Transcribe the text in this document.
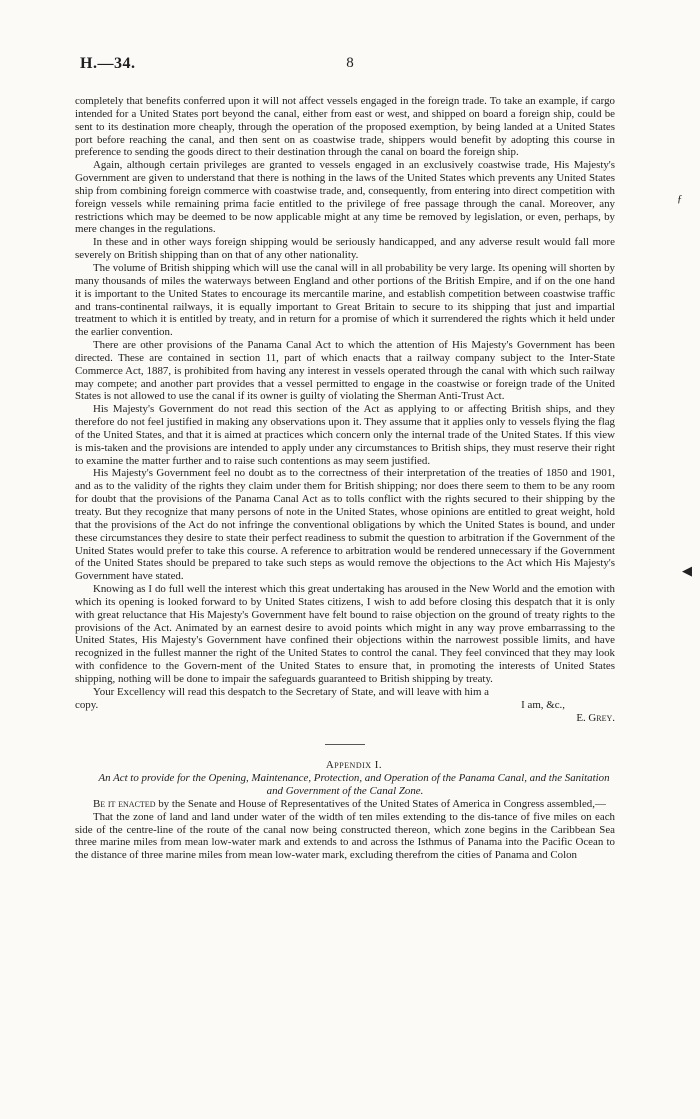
H.—34.	8
ƒ
◀

completely that benefits conferred upon it will not affect vessels engaged in the foreign trade. To take an example, if cargo intended for a United States port beyond the canal, either from east or west, and shipped on board a foreign ship, could be sent to its destination more cheaply, through the operation of the proposed exemption, by being landed at a United States port before reaching the canal, and then sent on as coastwise trade, shippers would benefit by adopting this course in preference to sending the goods direct to their destination through the canal on board the foreign ship.

Again, although certain privileges are granted to vessels engaged in an exclusively coastwise trade, His Majesty's Government are given to understand that there is nothing in the laws of the United States which prevents any United States ship from combining foreign commerce with coastwise trade, and, consequently, from entering into direct competition with foreign vessels while remaining prima facie entitled to the privilege of free passage through the canal. Moreover, any restrictions which may be deemed to be now applicable might at any time be removed by legislation, or even, perhaps, by mere changes in the regulations.

In these and in other ways foreign shipping would be seriously handicapped, and any adverse result would fall more severely on British shipping than on that of any other nationality.

The volume of British shipping which will use the canal will in all probability be very large. Its opening will shorten by many thousands of miles the waterways between England and other portions of the British Empire, and if on the one hand it is important to the United States to encourage its mercantile marine, and establish competition between coastwise traffic and trans-continental railways, it is equally important to Great Britain to secure to its shipping that just and impartial treatment to which it is entitled by treaty, and in return for a promise of which it surrendered the rights which it held under the earlier convention.

There are other provisions of the Panama Canal Act to which the attention of His Majesty's Government has been directed. These are contained in section 11, part of which enacts that a railway company subject to the Inter-State Commerce Act, 1887, is prohibited from having any interest in vessels operated through the canal with which such railway may compete; and another part provides that a vessel permitted to engage in the coastwise or foreign trade of the United States is not allowed to use the canal if its owner is guilty of violating the Sherman Anti-Trust Act.

His Majesty's Government do not read this section of the Act as applying to or affecting British ships, and they therefore do not feel justified in making any observations upon it. They assume that it applies only to vessels flying the flag of the United States, and that it is aimed at practices which concern only the internal trade of the United States. If this view is mis-taken and the provisions are intended to apply under any circumstances to British ships, they must reserve their right to examine the matter further and to raise such contentions as may seem justified.

His Majesty's Government feel no doubt as to the correctness of their interpretation of the treaties of 1850 and 1901, and as to the validity of the rights they claim under them for British shipping; nor does there seem to them to be any room for doubt that the provisions of the Panama Canal Act as to tolls conflict with the rights secured to their shipping by the treaty. But they recognize that many persons of note in the United States, whose opinions are entitled to great weight, hold that the provisions of the Act do not infringe the conventional obligations by which the United States is bound, and under these circumstances they desire to state their perfect readiness to submit the question to arbitration if the Government of the United States would prefer to take this course. A reference to arbitration would be rendered unnecessary if the Government of the United States should be prepared to take such steps as would remove the objections to the Act which His Majesty's Government have stated.

Knowing as I do full well the interest which this great undertaking has aroused in the New World and the emotion with which its opening is looked forward to by United States citizens, I wish to add before closing this despatch that it is only with great reluctance that His Majesty's Government have felt bound to raise objection on the ground of treaty rights to the provisions of the Act. Animated by an earnest desire to avoid points which might in any way prove embarrassing to the United States, His Majesty's Government have confined their objections within the narrowest possible limits, and have recognized in the fullest manner the right of the United States to control the canal. They feel convinced that they may look with confidence to the Govern-ment of the United States to ensure that, in promoting the interests of United States shipping, nothing will be done to impair the safeguards guaranteed to British shipping by treaty.

Your Excellency will read this despatch to the Secretary of State, and will leave with him a

copy.	I am, &c.,

E. Grey.

Appendix I.

An Act to provide for the Opening, Maintenance, Protection, and Operation of the Panama Canal, and the Sanitation and Government of the Canal Zone.

Be it enacted by the Senate and House of Representatives of the United States of America in Congress assembled,—

That the zone of land and land under water of the width of ten miles extending to the dis-tance of five miles on each side of the centre-line of the route of the canal now being constructed thereon, which zone begins in the Caribbean Sea three marine miles from mean low-water mark and extends to and across the Isthmus of Panama into the Pacific Ocean to the distance of three marine miles from mean low-water mark, excluding therefrom the cities of Panama and Colon
